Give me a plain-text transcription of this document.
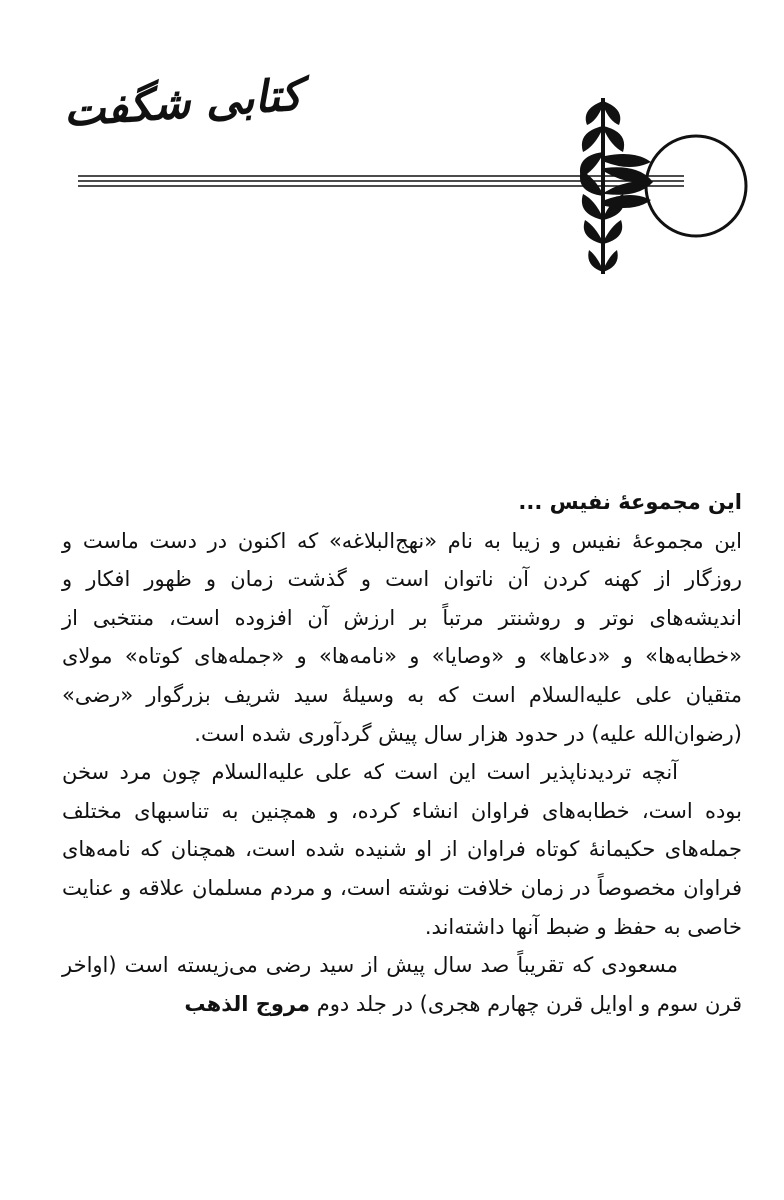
کتابی شگفت

این مجموعهٔ نفیس ...

این مجموعهٔ نفیس و زیبا به نام «نهج‌البلاغه» که اکنون در دست ماست و روزگار از کهنه کردن آن ناتوان است و گذشت زمان و ظهور افکار و اندیشه‌های نوتر و روشنتر مرتباً بر ارزش آن افزوده است، منتخبی از «خطابه‌ها» و «دعاها» و «وصایا» و «نامه‌ها» و «جمله‌های کوتاه» مولای متقیان علی علیه‌السلام است که به وسیلهٔ سید شریف بزرگوار «رضی» (رضوان‌الله علیه) در حدود هزار سال پیش گردآوری شده است.

آنچه تردیدناپذیر است این است که علی علیه‌السلام چون مرد سخن بوده است، خطابه‌های فراوان انشاء کرده، و همچنین به تناسبهای مختلف جمله‌های حکیمانهٔ کوتاه فراوان از او شنیده شده است، همچنان که نامه‌های فراوان مخصوصاً در زمان خلافت نوشته است، و مردم مسلمان علاقه و عنایت خاصی به حفظ و ضبط آنها داشته‌اند.

مسعودی که تقریباً صد سال پیش از سید رضی می‌زیسته است (اواخر قرن سوم و اوایل قرن چهارم هجری) در جلد دوم مروج الذهب
